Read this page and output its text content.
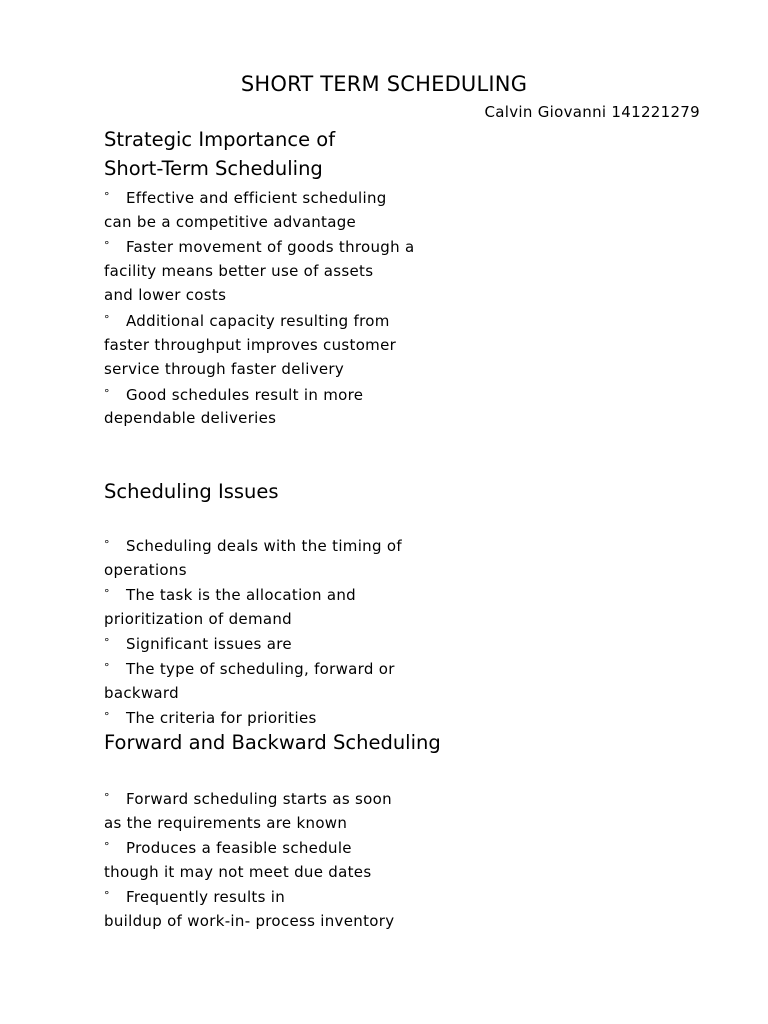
SHORT TERM SCHEDULING
Calvin Giovanni 141221279
Strategic Importance of
Short-Term Scheduling
° Effective and efficient scheduling
can be a competitive advantage
° Faster movement of goods through a
facility means better use of assets
and lower costs
° Additional capacity resulting from
faster throughput improves customer
service through faster delivery
° Good schedules result in more
dependable deliveries
Scheduling Issues
° Scheduling deals with the timing of
operations
° The task is the allocation and
prioritization of demand
° Significant issues are
° The type of scheduling, forward or
backward
° The criteria for priorities
Forward and Backward Scheduling
° Forward scheduling starts as soon
as the requirements are known
° Produces a feasible schedule
though it may not meet due dates
° Frequently results in
buildup of work-in- process inventory
